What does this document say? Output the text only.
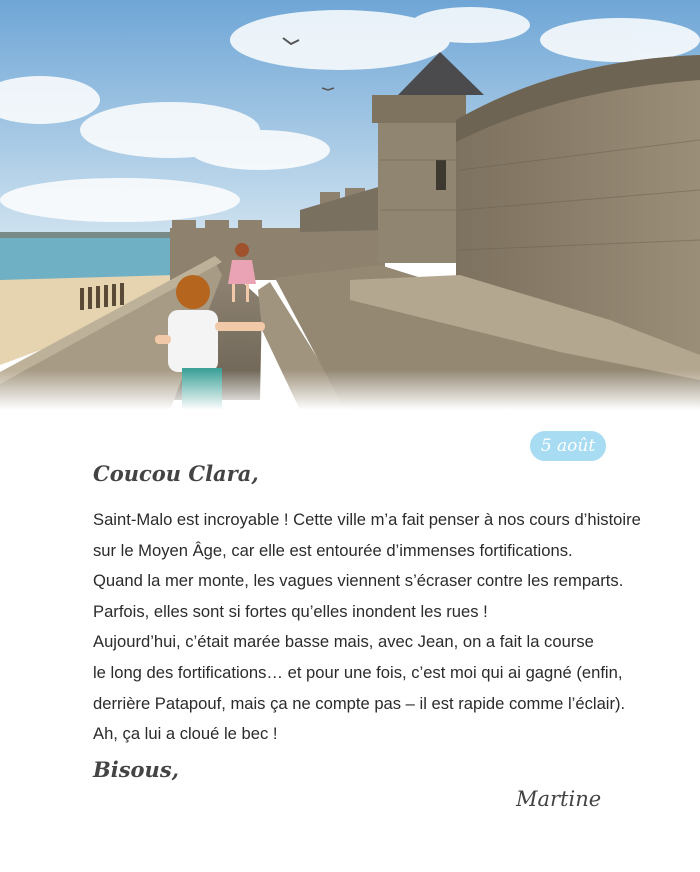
5 août
Coucou Clara,

Saint-Malo est incroyable ! Cette ville m’a fait penser à nos cours d’histoire

sur le Moyen Âge, car elle est entourée d’immenses fortifications.

Quand la mer monte, les vagues viennent s’écraser contre les remparts.

Parfois, elles sont si fortes qu’elles inondent les rues !

Aujourd’hui, c’était marée basse mais, avec Jean, on a fait la course

le long des fortifications… et pour une fois, c’est moi qui ai gagné (enfin,

derrière Patapouf, mais ça ne compte pas – il est rapide comme l’éclair).

Ah, ça lui a cloué le bec !

Bisous,
Martine
